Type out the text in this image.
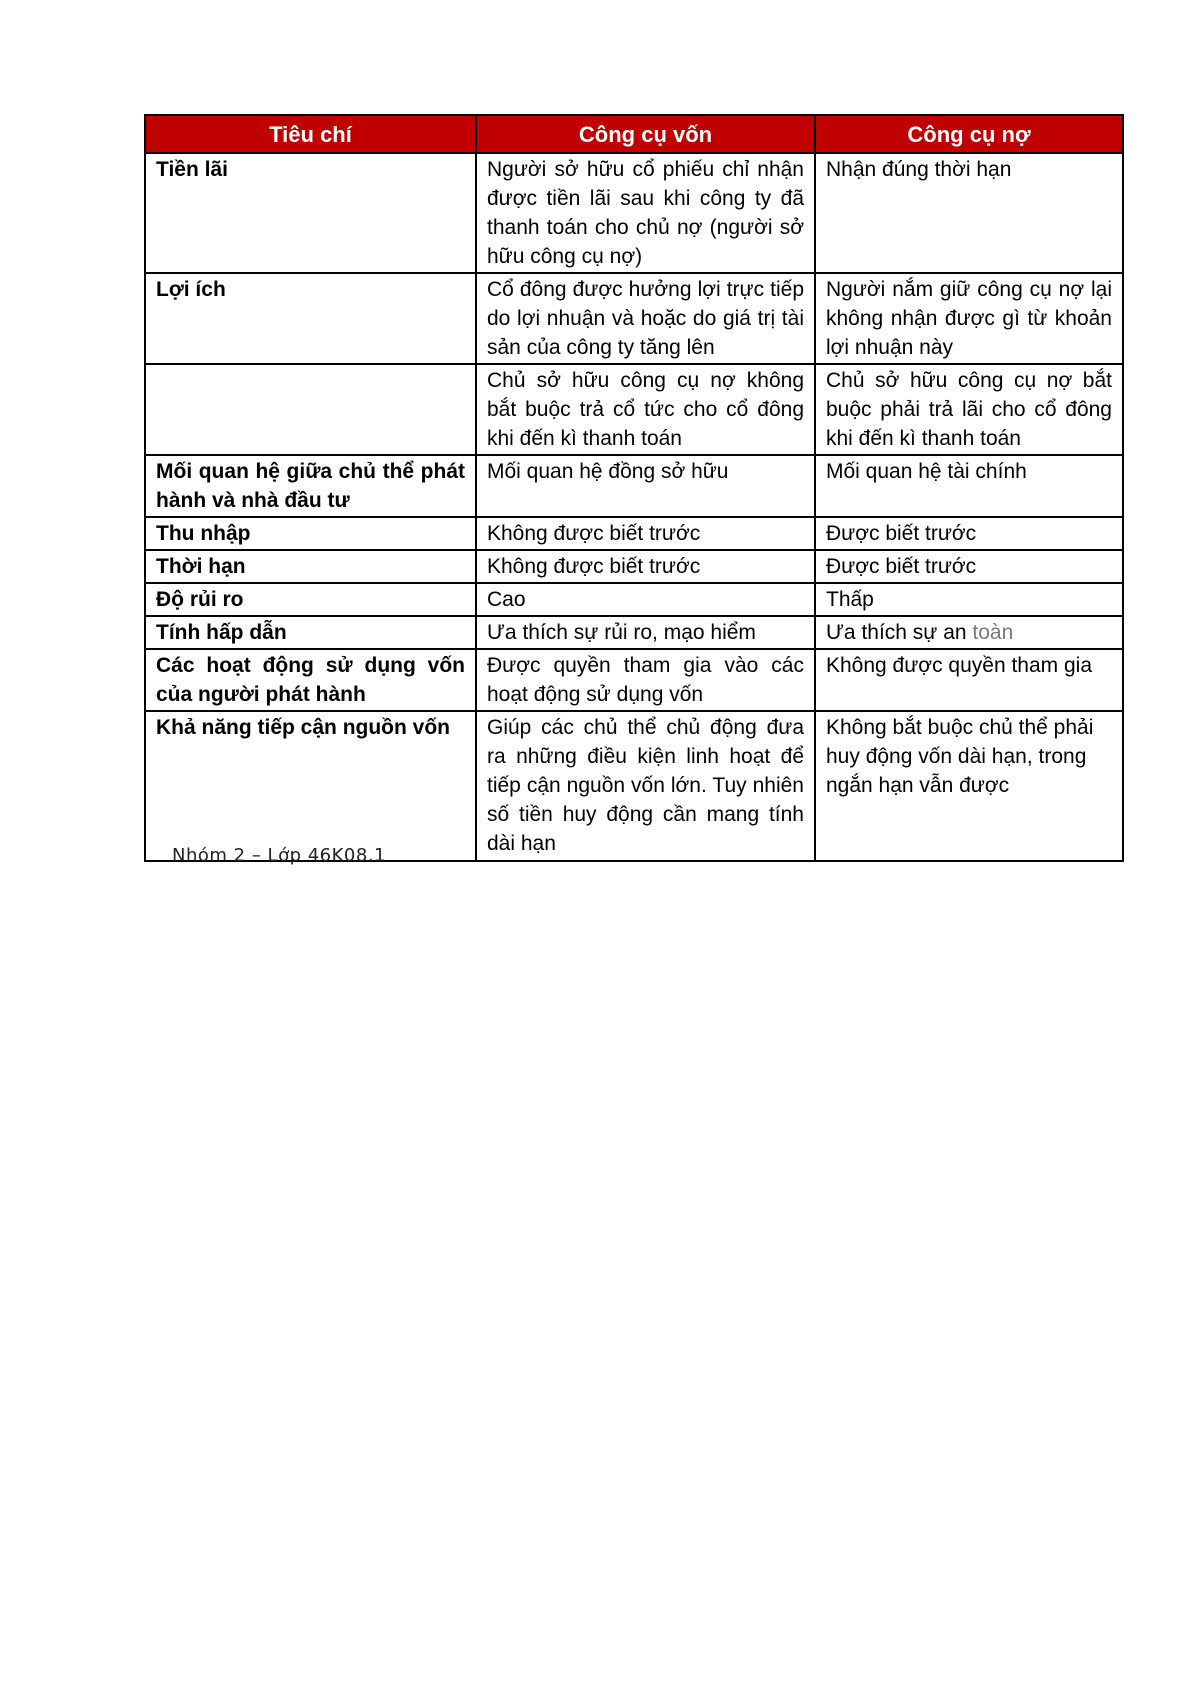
Tiêu chí	Công cụ vốn	Công cụ nợ
Tiền lãi	Người sở hữu cổ phiếu chỉ nhận được tiền lãi sau khi công ty đã thanh toán cho chủ nợ (người sở hữu công cụ nợ)	Nhận đúng thời hạn
Lợi ích	Cổ đông được hưởng lợi trực tiếp do lợi nhuận và hoặc do giá trị tài sản của công ty tăng lên	Người nắm giữ công cụ nợ lại không nhận được gì từ khoản lợi nhuận này
	Chủ sở hữu công cụ nợ không bắt buộc trả cổ tức cho cổ đông khi đến kì thanh toán	Chủ sở hữu công cụ nợ bắt buộc phải trả lãi cho cổ đông khi đến kì thanh toán
Mối quan hệ giữa chủ thể phát hành và nhà đầu tư	Mối quan hệ đồng sở hữu	Mối quan hệ tài chính
Thu nhập	Không được biết trước	Được biết trước
Thời hạn	Không được biết trước	Được biết trước
Độ rủi ro	Cao	Thấp
Tính hấp dẫn	Ưa thích sự rủi ro, mạo hiểm	Ưa thích sự an toàn
Các hoạt động sử dụng vốn của người phát hành	Được quyền tham gia vào các hoạt động sử dụng vốn	Không được quyền tham gia
Khả năng tiếp cận nguồn vốn	Giúp các chủ thể chủ động đưa ra những điều kiện linh hoạt để tiếp cận nguồn vốn lớn. Tuy nhiên số tiền huy động cần mang tính dài hạn	Không bắt buộc chủ thể phải huy động vốn dài hạn, trong ngắn hạn vẫn được
Nhóm 2 – Lớp 46K08.1
